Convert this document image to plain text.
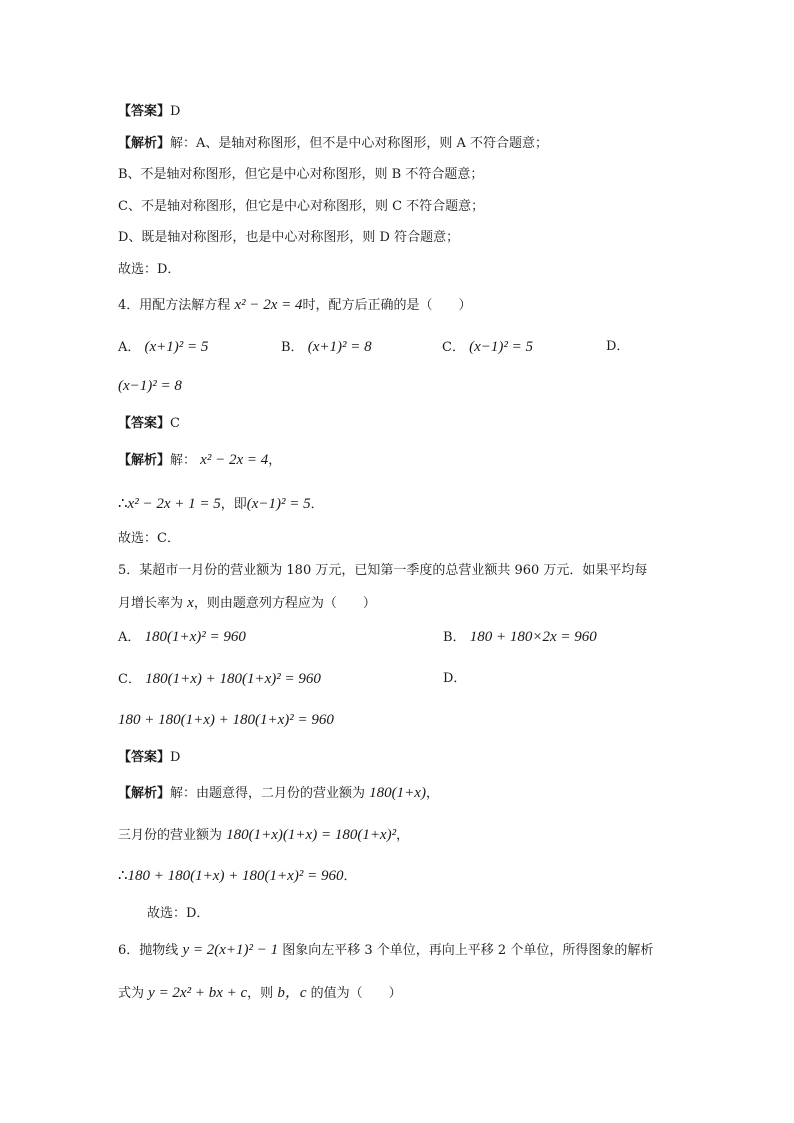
【答案】D
【解析】解：A、是轴对称图形，但不是中心对称图形，则 A 不符合题意；
B、不是轴对称图形，但它是中心对称图形，则 B 不符合题意；
C、不是轴对称图形，但它是中心对称图形，则 C 不符合题意；
D、既是轴对称图形，也是中心对称图形，则 D 符合题意；
故选：D．
4．用配方法解方程 x² − 2x = 4时，配方后正确的是（　　）
A． (x+1)² = 5	B． (x+1)² = 8	C． (x−1)² = 5	D．
(x−1)² = 8
【答案】C
【解析】解： x² − 2x = 4，
∴x² − 2x + 1 = 5，即(x−1)² = 5．
故选：C．
5．某超市一月份的营业额为 180 万元，已知第一季度的总营业额共 960 万元．如果平均每
月增长率为 x，则由题意列方程应为（　　）
A． 180(1+x)² = 960	B． 180 + 180×2x = 960
C． 180(1+x) + 180(1+x)² = 960	D．
180 + 180(1+x) + 180(1+x)² = 960
【答案】D
【解析】解：由题意得，二月份的营业额为 180(1+x)，
三月份的营业额为 180(1+x)(1+x) = 180(1+x)²，
∴180 + 180(1+x) + 180(1+x)² = 960．
故选：D．
6．抛物线 y = 2(x+1)² − 1 图象向左平移 3 个单位，再向上平移 2 个单位，所得图象的解析
式为 y = 2x² + bx + c，则 b，c 的值为（　　）
